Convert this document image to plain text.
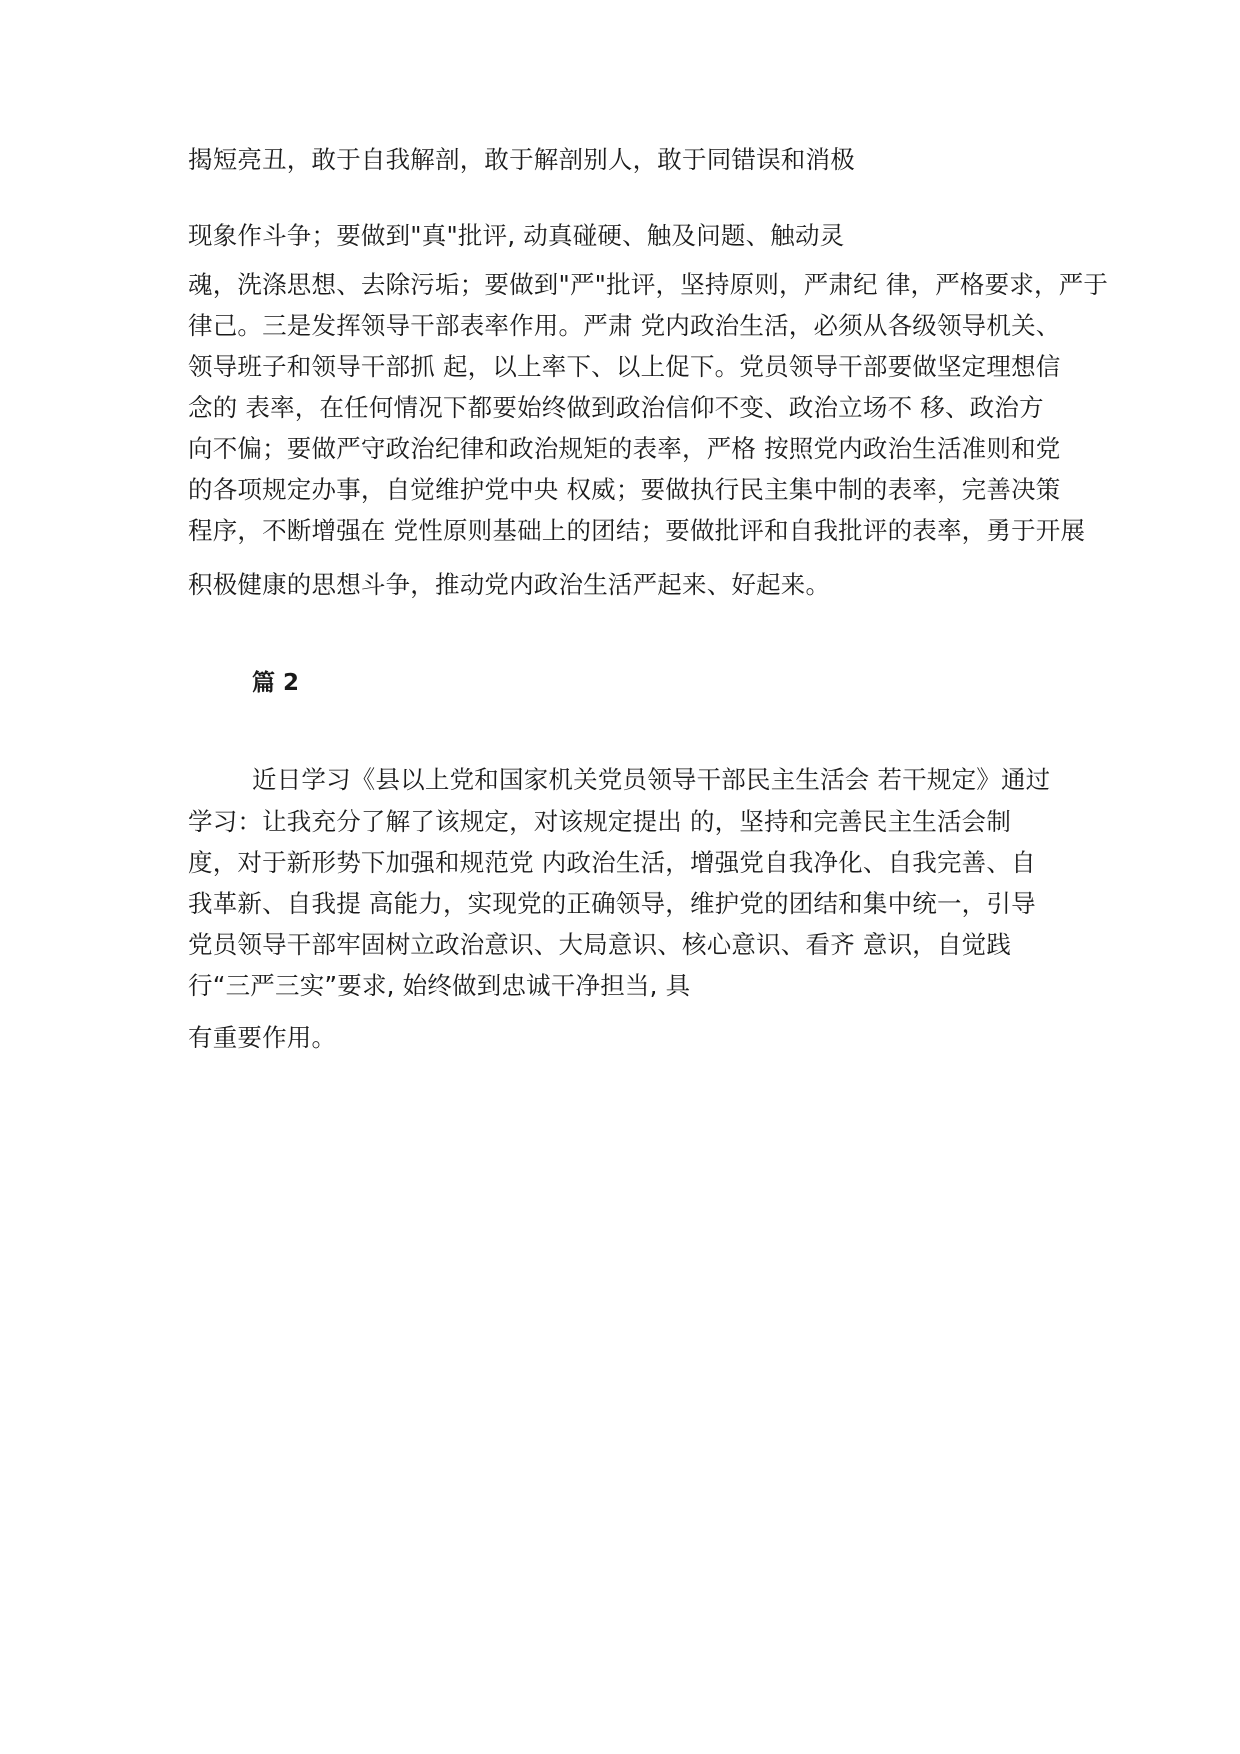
揭短亮丑，敢于自我解剖，敢于解剖别人，敢于同错误和消极
现象作斗争；要做到"真"批评, 动真碰硬、触及问题、触动灵
魂，洗涤思想、去除污垢；要做到"严"批评，坚持原则，严肃纪 律，严格要求，严于
律己。三是发挥领导干部表率作用。严肃 党内政治生活，必须从各级领导机关、
领导班子和领导干部抓 起，以上率下、以上促下。党员领导干部要做坚定理想信
念的 表率，在任何情况下都要始终做到政治信仰不变、政治立场不 移、政治方
向不偏；要做严守政治纪律和政治规矩的表率，严格 按照党内政治生活准则和党
的各项规定办事，自觉维护党中央 权威；要做执行民主集中制的表率，完善决策
程序，不断增强在 党性原则基础上的团结；要做批评和自我批评的表率，勇于开展
积极健康的思想斗争，推动党内政治生活严起来、好起来。
篇 2
近日学习《县以上党和国家机关党员领导干部民主生活会 若干规定》通过
学习：让我充分了解了该规定，对该规定提出 的，坚持和完善民主生活会制
度，对于新形势下加强和规范党 内政治生活，增强党自我净化、自我完善、自
我革新、自我提 高能力，实现党的正确领导，维护党的团结和集中统一，引导
党员领导干部牢固树立政治意识、大局意识、核心意识、看齐 意识，自觉践
行“三严三实”要求, 始终做到忠诚干净担当, 具
有重要作用。
